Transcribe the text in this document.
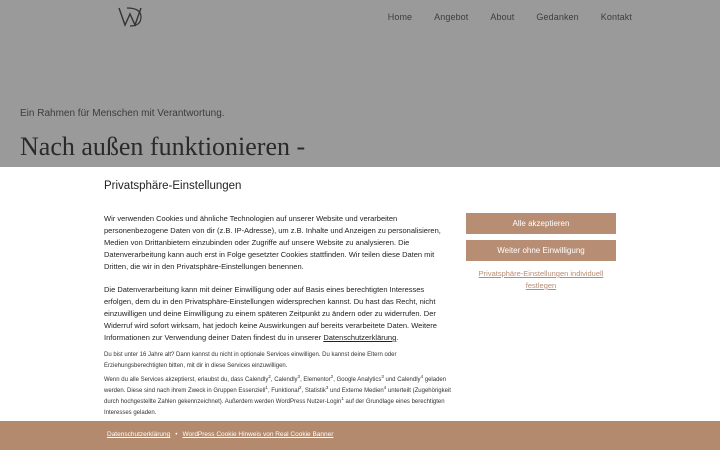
Home Angebot About Gedanken Kontakt
Ein Rahmen für Menschen mit Verantwortung.
Nach außen funktionieren -
Privatsphäre-Einstellungen

Wir verwenden Cookies und ähnliche Technologien auf unserer Website und verarbeiten personenbezogene Daten von dir (z.B. IP-Adresse), um z.B. Inhalte und Anzeigen zu personalisieren, Medien von Drittanbietern einzubinden oder Zugriffe auf unsere Website zu analysieren. Die Datenverarbeitung kann auch erst in Folge gesetzter Cookies stattfinden. Wir teilen diese Daten mit Dritten, die wir in den Privatsphäre-Einstellungen benennen.

Die Datenverarbeitung kann mit deiner Einwilligung oder auf Basis eines berechtigten Interesses erfolgen, dem du in den Privatsphäre-Einstellungen widersprechen kannst. Du hast das Recht, nicht einzuwilligen und deine Einwilligung zu einem späteren Zeitpunkt zu ändern oder zu widerrufen. Der Widerruf wird sofort wirksam, hat jedoch keine Auswirkungen auf bereits verarbeitete Daten. Weitere Informationen zur Verwendung deiner Daten findest du in unserer Datenschutzerklärung.

Du bist unter 16 Jahre alt? Dann kannst du nicht in optionale Services einwilligen. Du kannst deine Eltern oder Erziehungsberechtigten bitten, mit dir in diese Services einzuwilligen.

Wenn du alle Services akzeptierst, erlaubst du, dass Calendly$^2$, Calendly$^3$, Elementor$^2$, Google Analytics$^3$ und Calendly$^4$ geladen werden. Diese sind nach ihrem Zweck in Gruppen Essenziell$^1$, Funktional$^2$, Statistik$^3$ und Externe Medien$^4$ unterteilt (Zugehörigkeit durch hochgestellte Zahlen gekennzeichnet). Außerdem werden WordPress Nutzer-Login$^1$ auf der Grundlage eines berechtigten Interesses geladen.

Alle akzeptieren
Weiter ohne Einwilligung
Privatsphäre-Einstellungen individuell festlegen
Datenschutzerklärung • WordPress Cookie Hinweis von Real Cookie Banner
